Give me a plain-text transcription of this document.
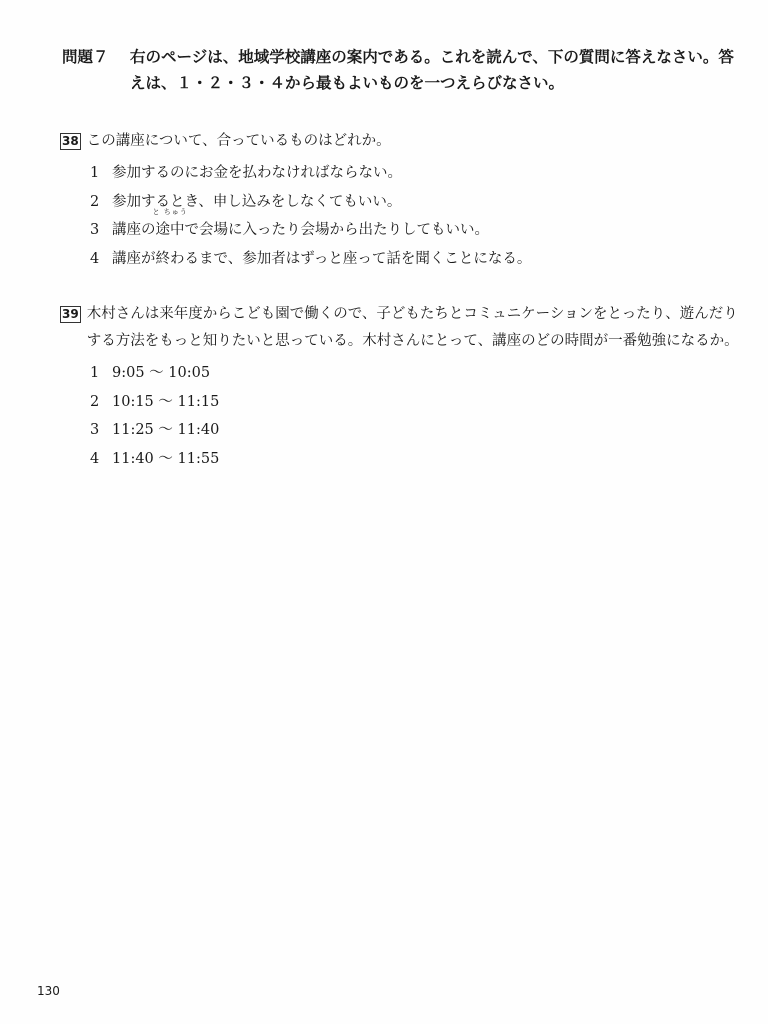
問題７	右のページは、地域学校講座の案内である。これを読んで、下の質問に答えなさい。答えは、１・２・３・４から最もよいものを一つえらびなさい。
38 この講座について、合っているものはどれか。
1 参加するのにお金を払わなければならない。
2 参加するとき、申し込みをしなくてもいい。
3 講座の
と ちゅう
途中で会場に入ったり会場から出たりしてもいい。
4 講座が終わるまで、参加者はずっと座って話を聞くことになる。
39 木村さんは来年度からこども園で働くので、子どもたちとコミュニケーションをとったり、遊んだりする方法をもっと知りたいと思っている。木村さんにとって、講座のどの時間が一番勉強になるか。
1 9:05 ～ 10:05
2 10:15 ～ 11:15
3 11:25 ～ 11:40
4 11:40 ～ 11:55
130
